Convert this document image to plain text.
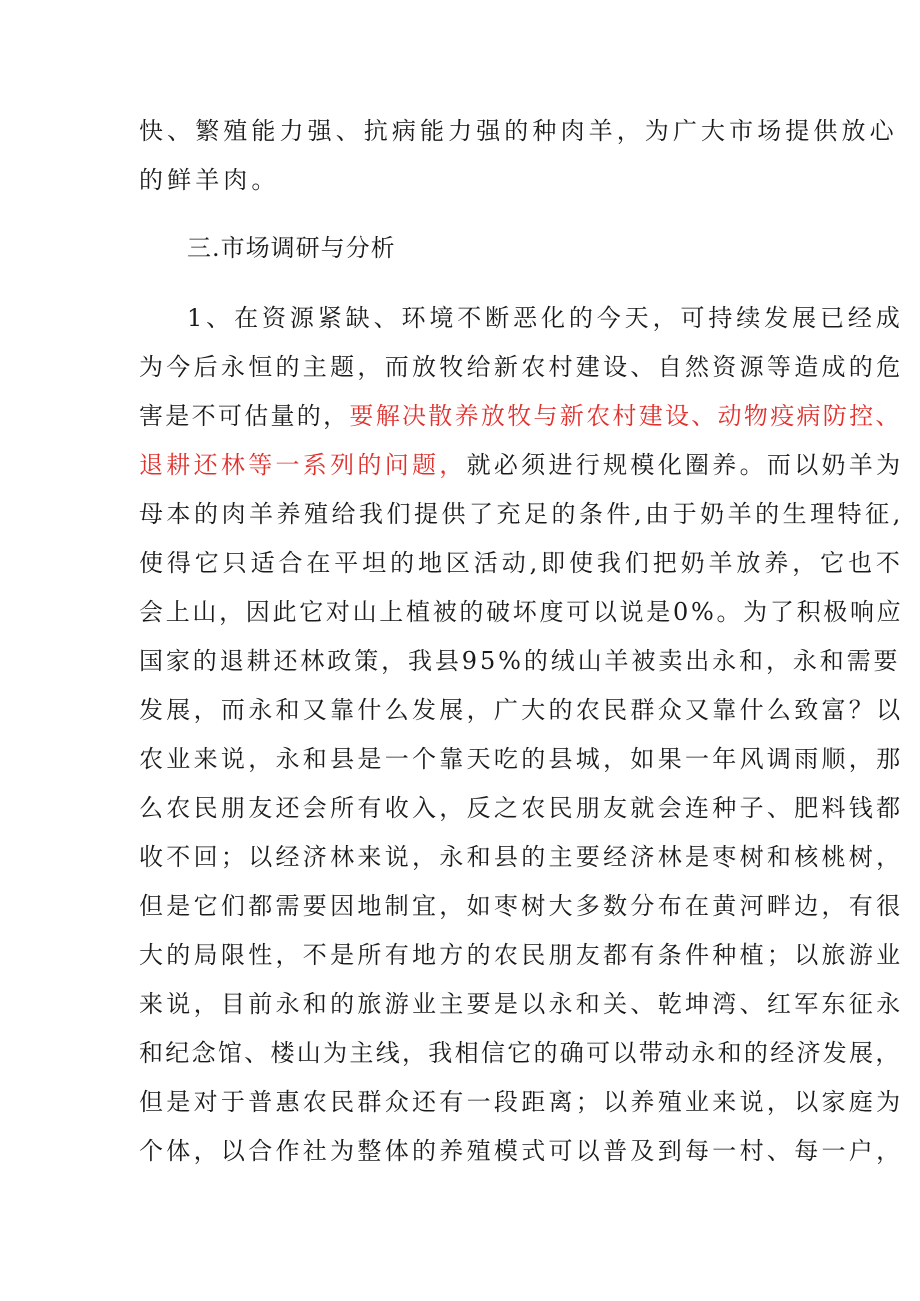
快、繁殖能力强、抗病能力强的种肉羊，为广大市场提供放心
的鲜羊肉。
三.市场调研与分析
1、在资源紧缺、环境不断恶化的今天，可持续发展已经成
为今后永恒的主题，而放牧给新农村建设、自然资源等造成的危
害是不可估量的，要解决散养放牧与新农村建设、动物疫病防控、
退耕还林等一系列的问题，就必须进行规模化圈养。而以奶羊为
母本的肉羊养殖给我们提供了充足的条件,由于奶羊的生理特征,
使得它只适合在平坦的地区活动,即使我们把奶羊放养，它也不
会上山，因此它对山上植被的破坏度可以说是0%。为了积极响应
国家的退耕还林政策，我县95%的绒山羊被卖出永和，永和需要
发展，而永和又靠什么发展，广大的农民群众又靠什么致富？以
农业来说，永和县是一个靠天吃的县城，如果一年风调雨顺，那
么农民朋友还会所有收入，反之农民朋友就会连种子、肥料钱都
收不回；以经济林来说，永和县的主要经济林是枣树和核桃树，
但是它们都需要因地制宜，如枣树大多数分布在黄河畔边，有很
大的局限性，不是所有地方的农民朋友都有条件种植；以旅游业
来说，目前永和的旅游业主要是以永和关、乾坤湾、红军东征永
和纪念馆、楼山为主线，我相信它的确可以带动永和的经济发展，
但是对于普惠农民群众还有一段距离；以养殖业来说，以家庭为
个体，以合作社为整体的养殖模式可以普及到每一村、每一户，
